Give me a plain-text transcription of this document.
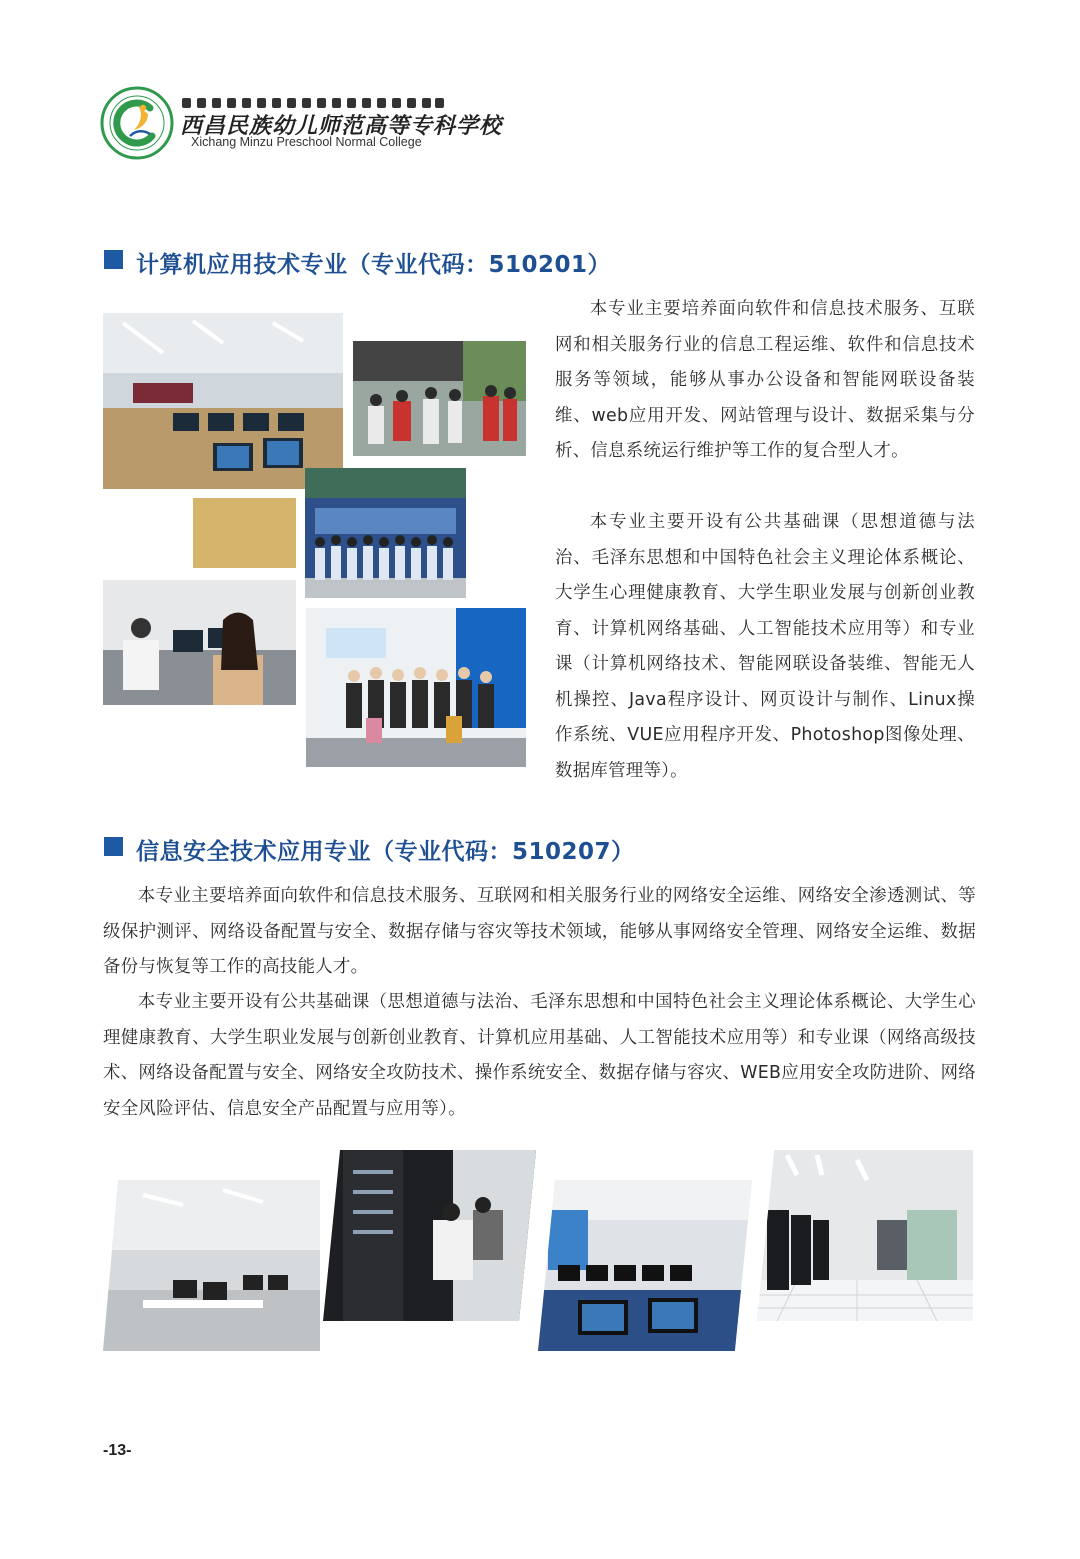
西昌民族幼儿师范高等专科学校
Xichang Minzu Preschool Normal College
计算机应用技术专业（专业代码：510201）

本专业主要培养面向软件和信息技术服务、互联网和相关服务行业的信息工程运维、软件和信息技术服务等领域，能够从事办公设备和智能网联设备装维、web应用开发、网站管理与设计、数据采集与分析、信息系统运行维护等工作的复合型人才。

本专业主要开设有公共基础课（思想道德与法治、毛泽东思想和中国特色社会主义理论体系概论、大学生心理健康教育、大学生职业发展与创新创业教育、计算机网络基础、人工智能技术应用等）和专业课（计算机网络技术、智能网联设备装维、智能无人机操控、Java程序设计、网页设计与制作、Linux操作系统、VUE应用程序开发、Photoshop图像处理、数据库管理等）。

信息安全技术应用专业（专业代码：510207）

本专业主要培养面向软件和信息技术服务、互联网和相关服务行业的网络安全运维、网络安全渗透测试、等级保护测评、网络设备配置与安全、数据存储与容灾等技术领域，能够从事网络安全管理、网络安全运维、数据备份与恢复等工作的高技能人才。

本专业主要开设有公共基础课（思想道德与法治、毛泽东思想和中国特色社会主义理论体系概论、大学生心理健康教育、大学生职业发展与创新创业教育、计算机应用基础、人工智能技术应用等）和专业课（网络高级技术、网络设备配置与安全、网络安全攻防技术、操作系统安全、数据存储与容灾、WEB应用安全攻防进阶、网络安全风险评估、信息安全产品配置与应用等）。

-13-
